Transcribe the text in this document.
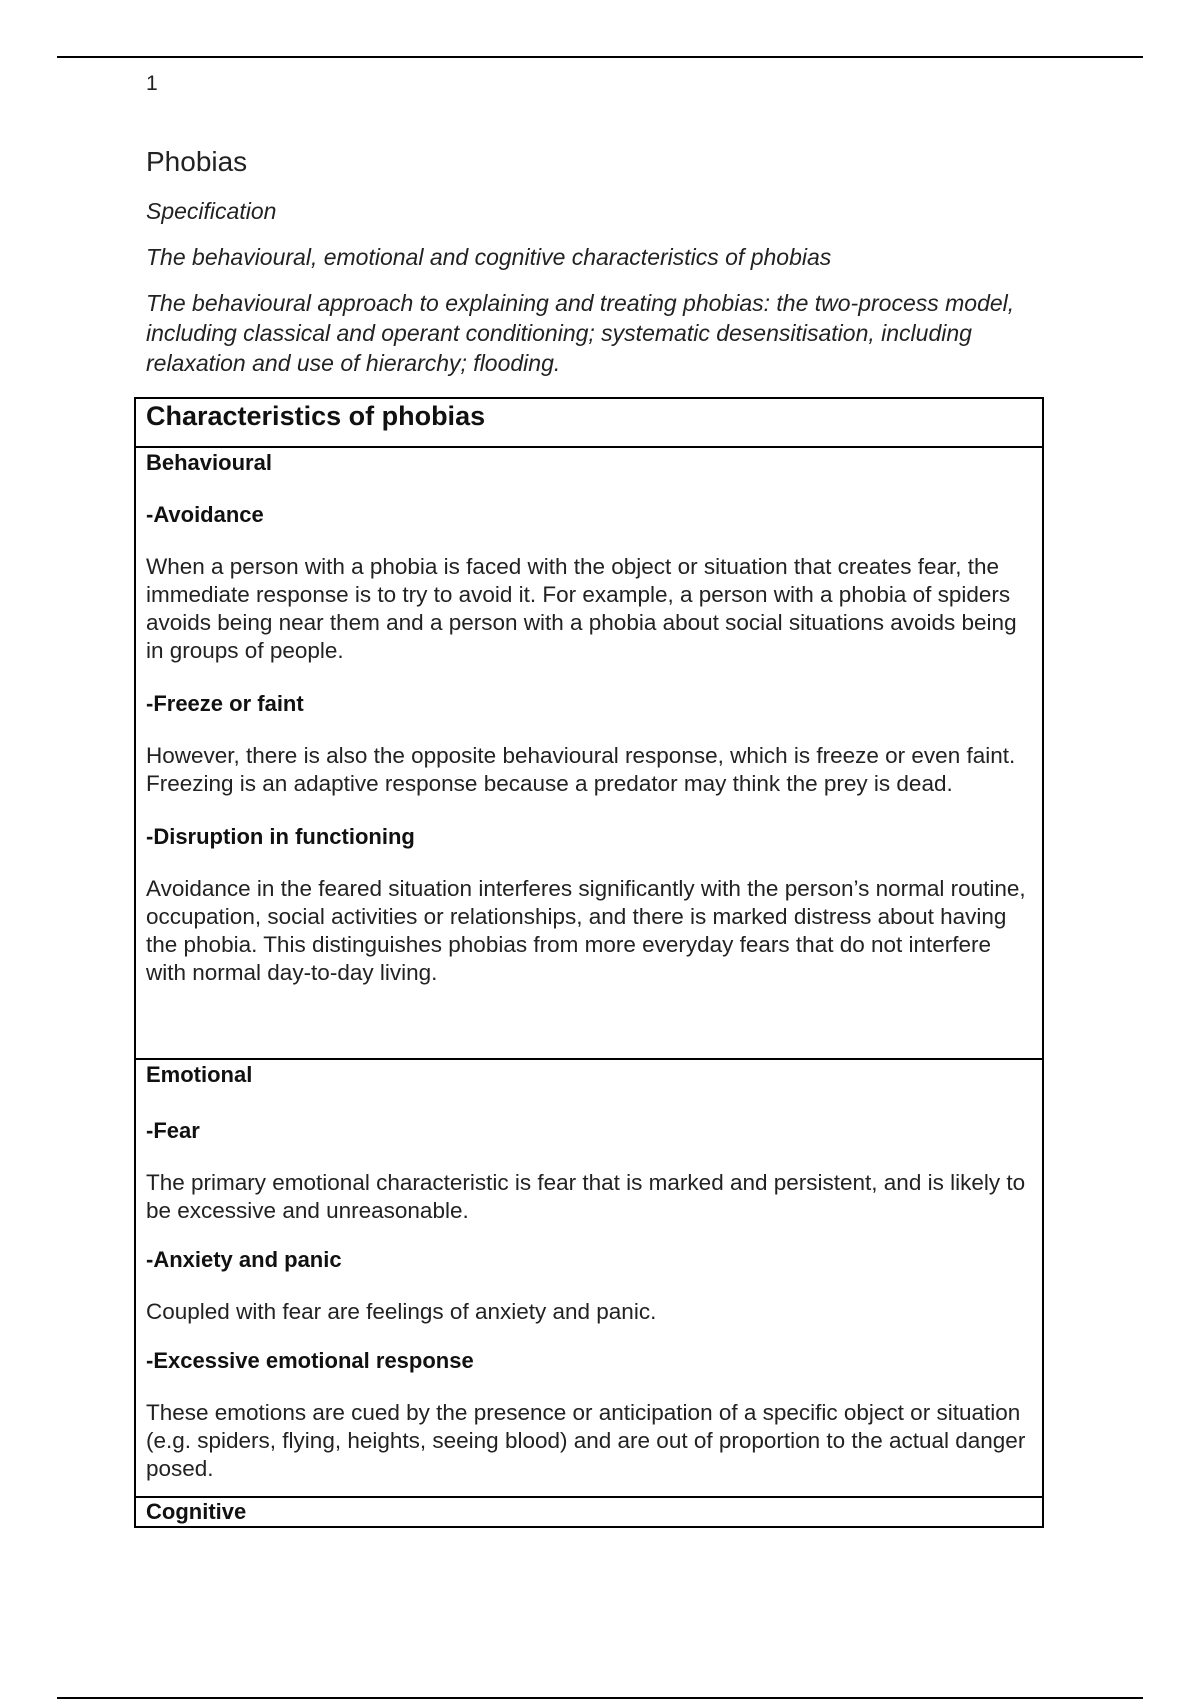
1
Phobias

Specification

The behavioural, emotional and cognitive characteristics of phobias

The behavioural approach to explaining and treating phobias: the two-process model, including classical and operant conditioning; systematic desensitisation, including relaxation and use of hierarchy; flooding.

Characteristics of phobias

Behavioural

-Avoidance

When a person with a phobia is faced with the object or situation that creates fear, the immediate response is to try to avoid it. For example, a person with a phobia of spiders avoids being near them and a person with a phobia about social situations avoids being in groups of people.

-Freeze or faint

However, there is also the opposite behavioural response, which is freeze or even faint. Freezing is an adaptive response because a predator may think the prey is dead.

-Disruption in functioning

Avoidance in the feared situation interferes significantly with the person’s normal routine, occupation, social activities or relationships, and there is marked distress about having the phobia. This distinguishes phobias from more everyday fears that do not interfere with normal day-to-day living.

Emotional

-Fear

The primary emotional characteristic is fear that is marked and persistent, and is likely to be excessive and unreasonable.

-Anxiety and panic

Coupled with fear are feelings of anxiety and panic.

-Excessive emotional response

These emotions are cued by the presence or anticipation of a specific object or situation (e.g. spiders, flying, heights, seeing blood) and are out of proportion to the actual danger posed.

Cognitive
